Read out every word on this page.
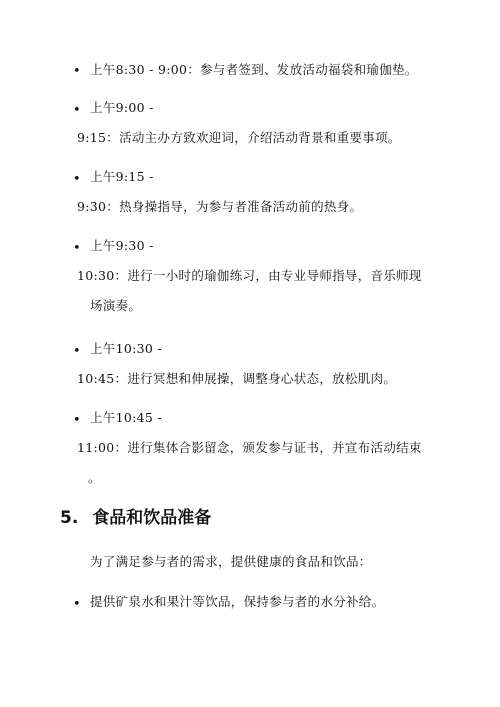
• 上午8:30 - 9:00：参与者签到、发放活动福袋和瑜伽垫。
• 上午9:00 -
9:15：活动主办方致欢迎词，介绍活动背景和重要事项。
• 上午9:15 -
9:30：热身操指导，为参与者准备活动前的热身。
• 上午9:30 -
10:30：进行一小时的瑜伽练习，由专业导师指导，音乐师现
场演奏。
• 上午10:30 -
10:45：进行冥想和伸展操，调整身心状态，放松肌肉。
• 上午10:45 -
11:00：进行集体合影留念，颁发参与证书，并宣布活动结束
。
5. 食品和饮品准备
为了满足参与者的需求，提供健康的食品和饮品：
• 提供矿泉水和果汁等饮品，保持参与者的水分补给。
